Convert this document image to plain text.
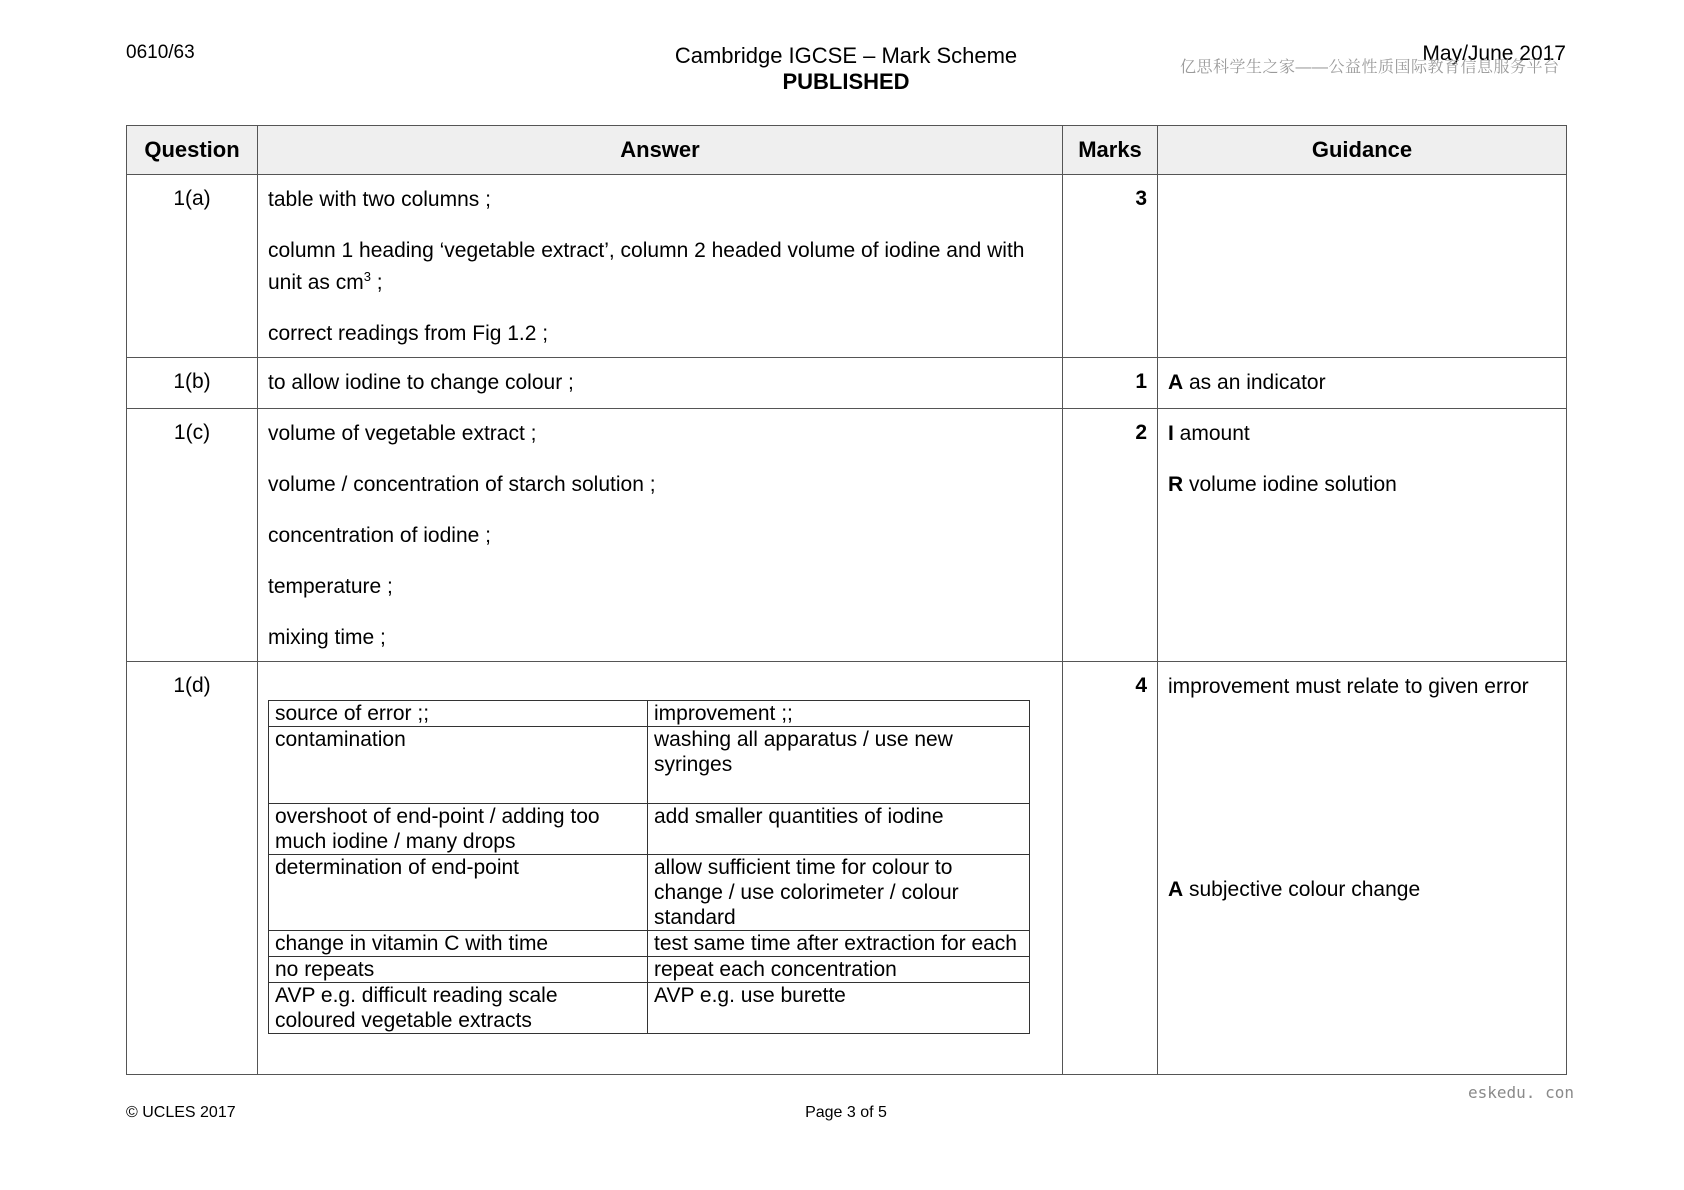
0610/63	Cambridge IGCSE – Mark Scheme
PUBLISHED
May/June 2017
亿思科学生之家——公益性质国际教育信息服务平台
Question	Answer	Marks	Guidance
1(a)	table with two columns ;

column 1 heading ‘vegetable extract’, column 2 headed volume of iodine and with unit as $cm^3$ ;

correct readings from Fig 1.2 ;

	3	
1(b)	to allow iodine to change colour ;	1	A as an indicator

1(c)	volume of vegetable extract ;

volume / concentration of starch solution ;

concentration of iodine ;

temperature ;

mixing time ;

	2	I amount

R volume iodine solution

1(d)	
source of error ;;	improvement ;;
contamination	washing all apparatus / use new syringes
overshoot of end-point / adding too much iodine / many drops	add smaller quantities of iodine
determination of end-point	allow sufficient time for colour to change / use colorimeter / colour standard
change in vitamin C with time	test same time after extraction for each
no repeats	repeat each concentration
AVP e.g. difficult reading scale coloured vegetable extracts	AVP e.g. use burette
	4	improvement must relate to given error

A subjective colour change

eskedu. con
© UCLES 2017	Page 3 of 5
